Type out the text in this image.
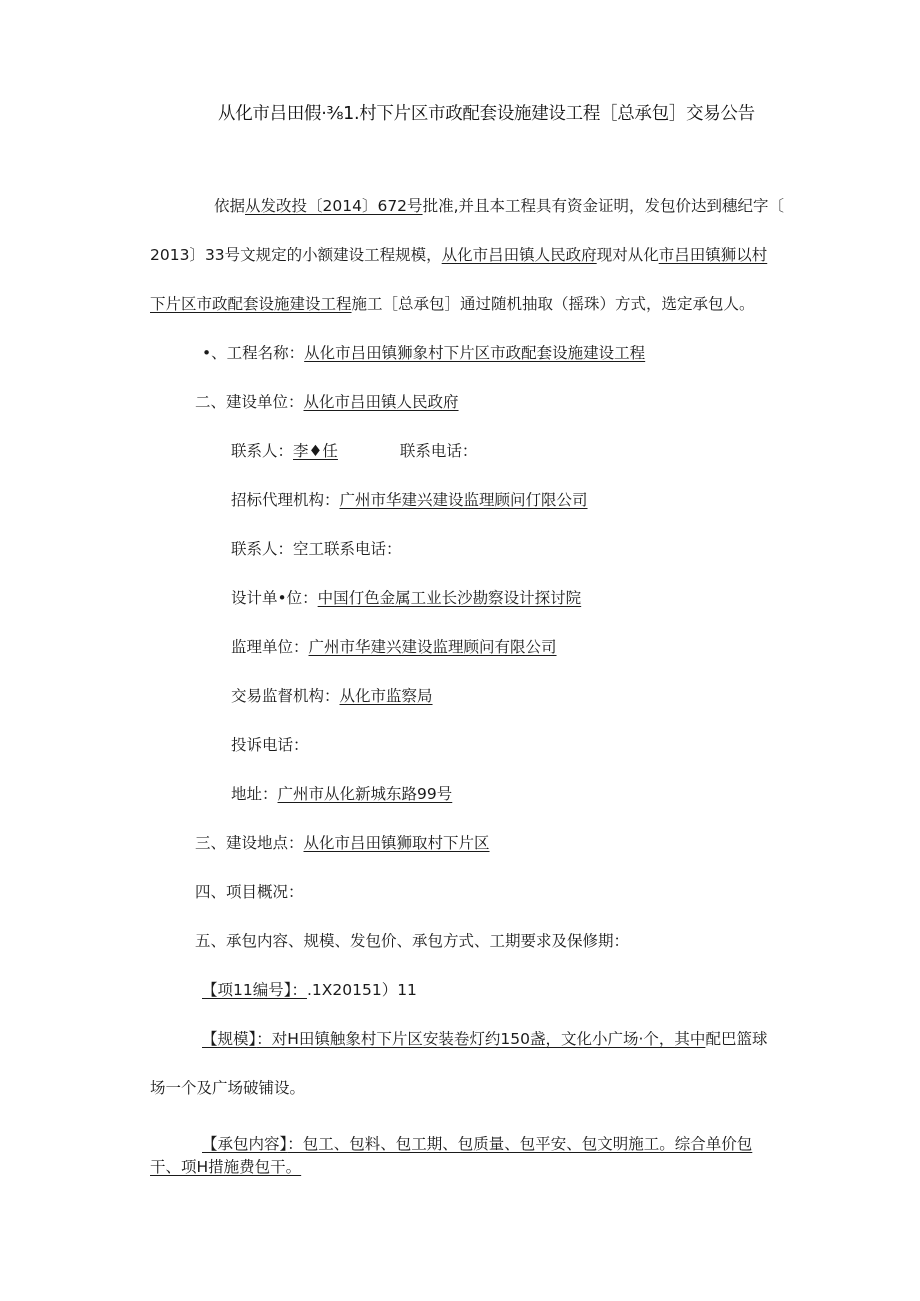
从化市吕田假·⅜1.村下片区市政配套设施建设工程［总承包］交易公告
依据从发改投〔2014〕672号批准,并且本工程具有资金证明，发包价达到穗纪字〔
2013〕33号文规定的小额建设工程规模，从化市吕田镇人民政府现对从化市吕田镇狮以村
下片区市政配套设施建设工程施工［总承包］通过随机抽取（摇珠）方式，选定承包人。
•、工程名称：从化市吕田镇狮象村下片区市政配套设施建设工程
二、建设单位：从化市吕田镇人民政府
联系人：李♦任	联系电话：
招标代理机构：广州市华建兴建设监理顾问仃限公司
联系人：空工联系电话：
设计单•位：中国仃色金属工业长沙勘察设计探讨院
监理单位：广州市华建兴建设监理顾问有限公司
交易监督机构：从化市监察局
投诉电话：
地址：广州市从化新城东路99号
三、建设地点：从化市吕田镇狮取村下片区
四、项目概况：
五、承包内容、规模、发包价、承包方式、工期要求及保修期：
【项11编号】：.1X20151）11
【规模】：对H田镇触象村下片区安装卷灯约150盏，文化小广场·个，其中配巴篮球
场一个及广场破铺设。
【承包内容】：包工、包料、包工期、包质量、包平安、包文明施工。综合单价包
干、项H措施费包干。
